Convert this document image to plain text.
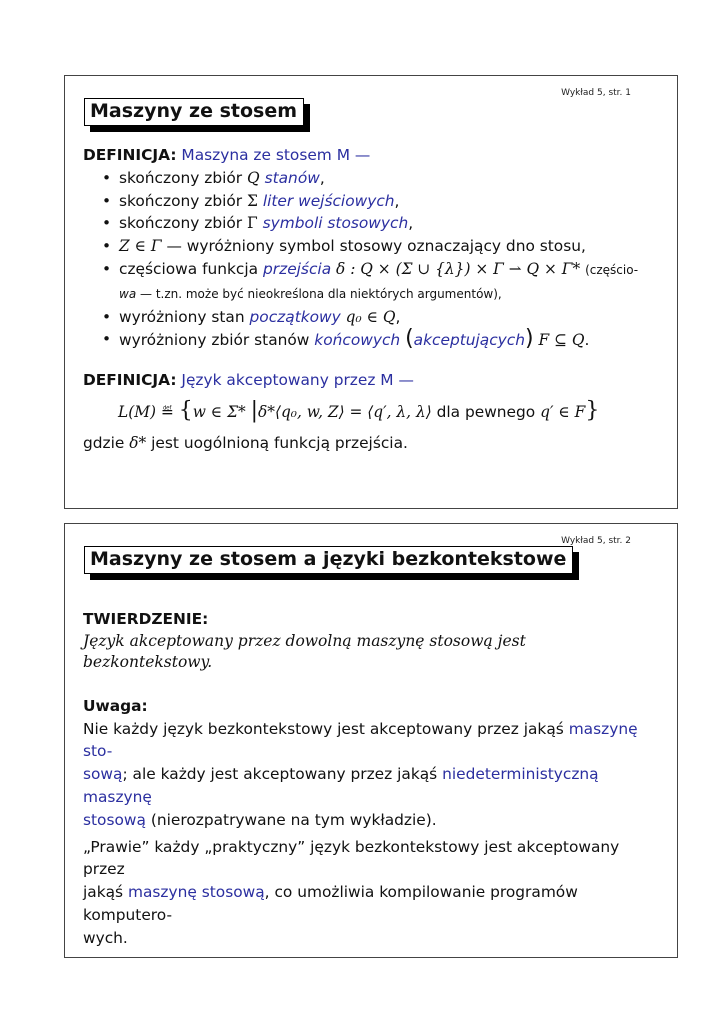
Wykład 5, str. 1
Maszyny ze stosem
DEFINICJA: Maszyna ze stosem M —
• skończony zbiór Q stanów,
• skończony zbiór Σ liter wejściowych,
• skończony zbiór Γ symboli stosowych,
• Z ∈ Γ — wyróżniony symbol stosowy oznaczający dno stosu,
• częściowa funkcja przejścia δ : Q × (Σ ∪ {λ}) × Γ ⇀ Q × Γ* (częścio-
wa — t.zn. może być nieokreślona dla niektórych argumentów),
• wyróżniony stan początkowy q₀ ∈ Q,
• wyróżniony zbiór stanów końcowych (akceptujących) F ⊆ Q.
DEFINICJA: Język akceptowany przez M —
L(M) ≝ {w ∈ Σ* |δ*⟨q₀, w, Z⟩ = ⟨q′, λ, λ⟩ dla pewnego q′ ∈ F}
gdzie δ* jest uogólnioną funkcją przejścia.
Wykład 5, str. 2
Maszyny ze stosem a języki bezkontekstowe
TWIERDZENIE:
Język akceptowany przez dowolną maszynę stosową jest
bezkontekstowy.
Uwaga:
Nie każdy język bezkontekstowy jest akceptowany przez jakąś maszynę sto-
sową; ale każdy jest akceptowany przez jakąś niedeterministyczną maszynę
stosową (nierozpatrywane na tym wykładzie).
„Prawie” każdy „praktyczny” język bezkontekstowy jest akceptowany przez
jakąś maszynę stosową, co umożliwia kompilowanie programów komputero-
wych.
